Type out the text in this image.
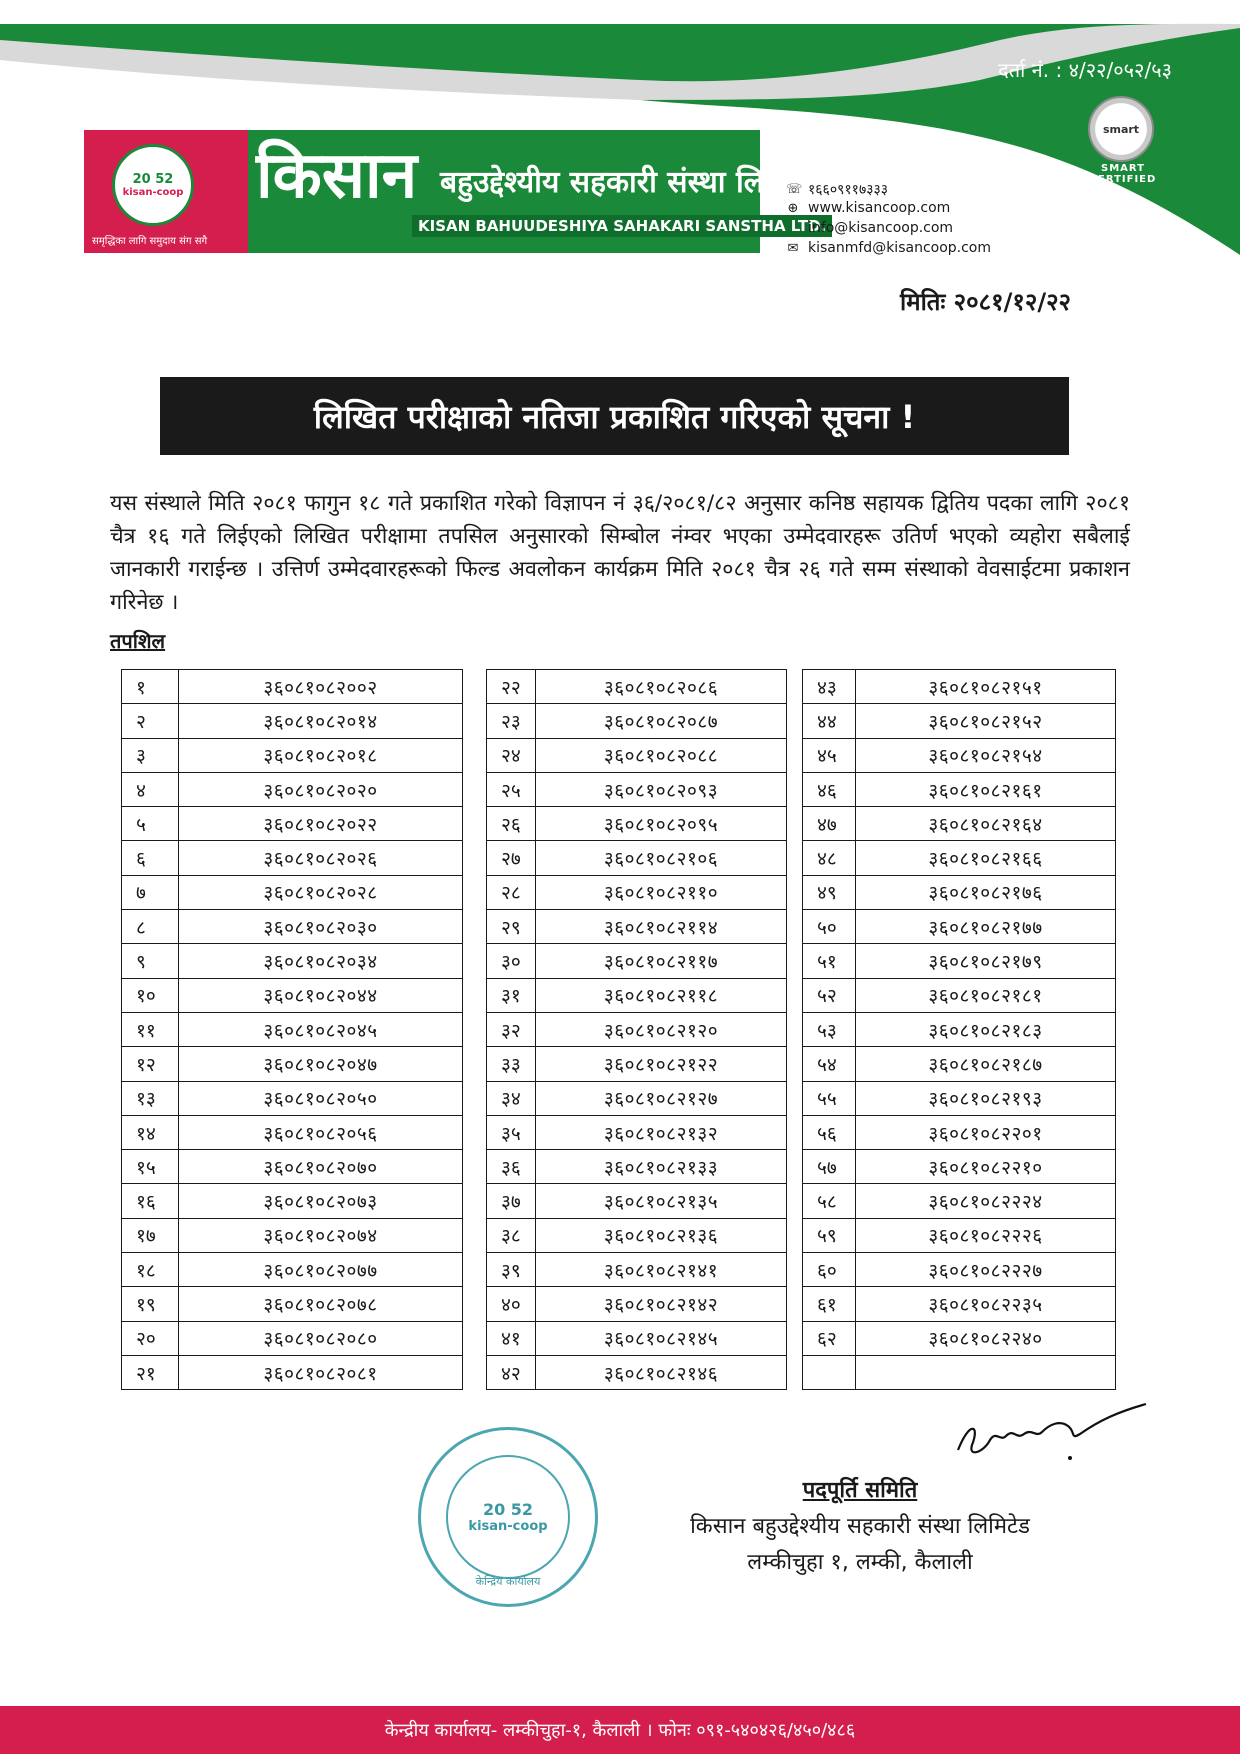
दर्ता नं. : ४/२२/०५२/५३
smart
SMART CERTIFIED
20 52
kisan-coop
समृद्धिका लागि समुदाय संग सगै
किसान बहुउद्देश्यीय सहकारी संस्था लि.
KISAN BAHUUDESHIYA SAHAKARI SANSTHA LTD.
☏ १६६०९११७३३३
⊕ www.kisancoop.com
info@kisancoop.com
✉ kisanmfd@kisancoop.com
मितिः २०८१/१२/२२
लिखित परीक्षाको नतिजा प्रकाशित गरिएको सूचना !
यस संस्थाले मिति २०८१ फागुन १८ गते प्रकाशित गरेको विज्ञापन नं ३६/२०८१/८२ अनुसार कनिष्ठ सहायक द्वितिय पदका लागि २०८१ चैत्र १६ गते लिईएको लिखित परीक्षामा तपसिल अनुसारको सिम्बोल नंम्वर भएका उम्मेदवारहरू उतिर्ण भएको व्यहोरा सबैलाई जानकारी गराईन्छ । उत्तिर्ण उम्मेदवारहरूको फिल्ड अवलोकन कार्यक्रम मिति २०८१ चैत्र २६ गते सम्म संस्थाको वेवसाईटमा प्रकाशन गरिनेछ ।
तपशिल
१	३६०८१०८२००२
२	३६०८१०८२०१४
३	३६०८१०८२०१८
४	३६०८१०८२०२०
५	३६०८१०८२०२२
६	३६०८१०८२०२६
७	३६०८१०८२०२८
८	३६०८१०८२०३०
९	३६०८१०८२०३४
१०	३६०८१०८२०४४
११	३६०८१०८२०४५
१२	३६०८१०८२०४७
१३	३६०८१०८२०५०
१४	३६०८१०८२०५६
१५	३६०८१०८२०७०
१६	३६०८१०८२०७३
१७	३६०८१०८२०७४
१८	३६०८१०८२०७७
१९	३६०८१०८२०७८
२०	३६०८१०८२०८०
२१	३६०८१०८२०८१
२२	३६०८१०८२०८६
२३	३६०८१०८२०८७
२४	३६०८१०८२०८८
२५	३६०८१०८२०९३
२६	३६०८१०८२०९५
२७	३६०८१०८२१०६
२८	३६०८१०८२११०
२९	३६०८१०८२११४
३०	३६०८१०८२११७
३१	३६०८१०८२११८
३२	३६०८१०८२१२०
३३	३६०८१०८२१२२
३४	३६०८१०८२१२७
३५	३६०८१०८२१३२
३६	३६०८१०८२१३३
३७	३६०८१०८२१३५
३८	३६०८१०८२१३६
३९	३६०८१०८२१४१
४०	३६०८१०८२१४२
४१	३६०८१०८२१४५
४२	३६०८१०८२१४६
४३	३६०८१०८२१५१
४४	३६०८१०८२१५२
४५	३६०८१०८२१५४
४६	३६०८१०८२१६१
४७	३६०८१०८२१६४
४८	३६०८१०८२१६६
४९	३६०८१०८२१७६
५०	३६०८१०८२१७७
५१	३६०८१०८२१७९
५२	३६०८१०८२१८१
५३	३६०८१०८२१८३
५४	३६०८१०८२१८७
५५	३६०८१०८२१९३
५६	३६०८१०८२२०१
५७	३६०८१०८२२१०
५८	३६०८१०८२२२४
५९	३६०८१०८२२२६
६०	३६०८१०८२२२७
६१	३६०८१०८२२३५
६२	३६०८१०८२२४०

20 52
kisan-coop
केन्द्रिय कार्यालय
पदपूर्ति समिति
किसान बहुउद्देश्यीय सहकारी संस्था लिमिटेड
लम्कीचुहा १, लम्की, कैलाली
केन्द्रीय कार्यालय- लम्कीचुहा-१, कैलाली । फोनः ०९१-५४०४२६/४५०/४८६
